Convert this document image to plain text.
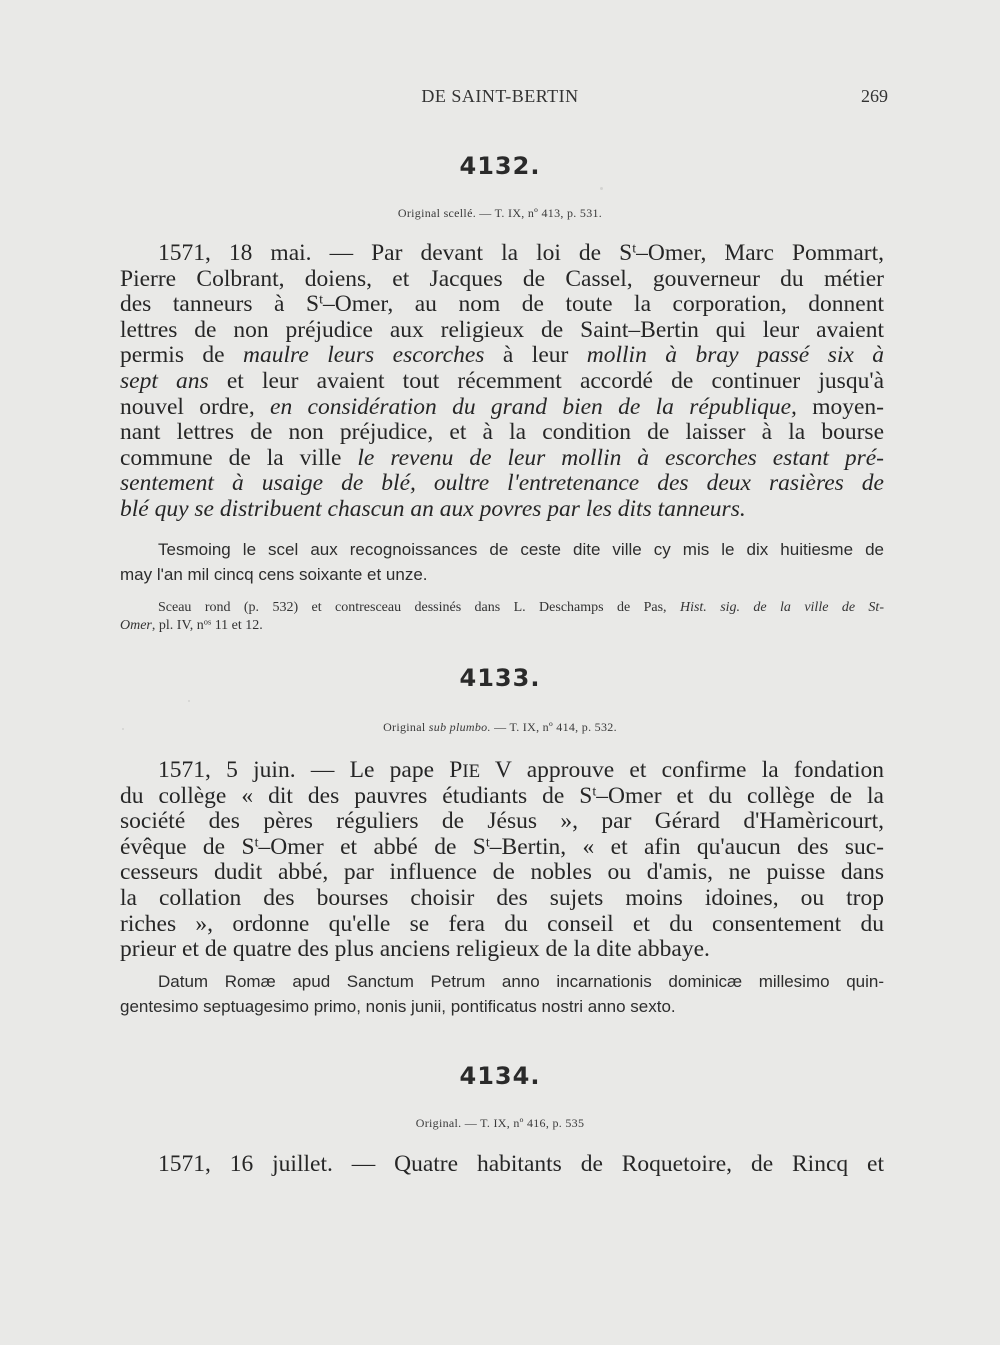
DE SAINT-BERTIN	269
4132.
Original scellé. — T. IX, nº 413, p. 531.
1571, 18 mai. — Par devant la loi de $S^t$–Omer, Marc Pommart,
Pierre Colbrant, doiens, et Jacques de Cassel, gouverneur du métier
des tanneurs à $S^t$–Omer, au nom de toute la corporation, donnent
lettres de non préjudice aux religieux de Saint–Bertin qui leur avaient
permis de maulre leurs escorches à leur mollin à bray passé six à
sept ans et leur avaient tout récemment accordé de continuer jusqu'à
nouvel ordre, en considération du grand bien de la république, moyen-
nant lettres de non préjudice, et à la condition de laisser à la bourse
commune de la ville le revenu de leur mollin à escorches estant pré-
sentement à usaige de blé, oultre l'entretenance des deux rasières de
blé quy se distribuent chascun an aux povres par les dits tanneurs.
Tesmoing le scel aux recognoissances de ceste dite ville cy mis le dix huitiesme de
may l'an mil cincq cens soixante et unze.
Sceau rond (p. 532) et contresceau dessinés dans L. Deschamps de Pas, Hist. sig. de la ville de St-
Omer, pl. IV, $n^{os}$ 11 et 12.
4133.
Original sub plumbo. — T. IX, nº 414, p. 532.
1571, 5 juin. — Le pape PIE V approuve et confirme la fondation
du collège « dit des pauvres étudiants de $S^t$–Omer et du collège de la
société des pères réguliers de Jésus », par Gérard d'Hamèricourt,
évêque de $S^t$–Omer et abbé de $S^t$–Bertin, « et afin qu'aucun des suc-
cesseurs dudit abbé, par influence de nobles ou d'amis, ne puisse dans
la collation des bourses choisir des sujets moins idoines, ou trop
riches », ordonne qu'elle se fera du conseil et du consentement du
prieur et de quatre des plus anciens religieux de la dite abbaye.
Datum Romæ apud Sanctum Petrum anno incarnationis dominicæ millesimo quin-
gentesimo septuagesimo primo, nonis junii, pontificatus nostri anno sexto.
4134.
Original. — T. IX, nº 416, p. 535
1571, 16 juillet. — Quatre habitants de Roquetoire, de Rincq et
